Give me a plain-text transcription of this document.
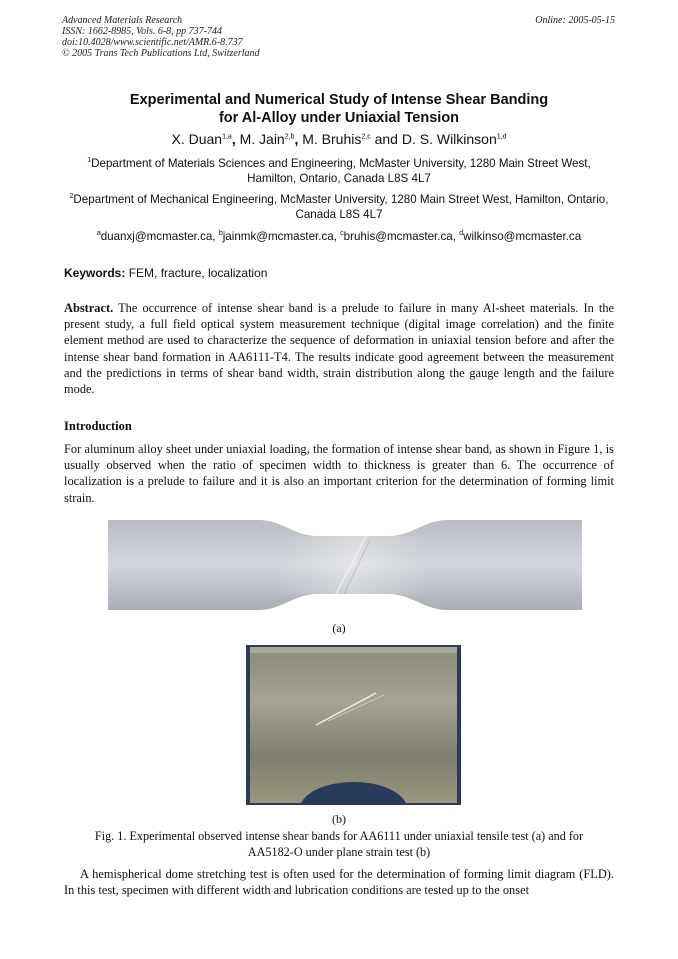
Advanced Materials Research
ISSN: 1662-8985, Vols. 6-8, pp 737-744
doi:10.4028/www.scientific.net/AMR.6-8.737
© 2005 Trans Tech Publications Ltd, Switzerland
Online: 2005-05-15
Experimental and Numerical Study of Intense Shear Banding
for Al-Alloy under Uniaxial Tension
X. Duan$^{1,a}$, M. Jain$^{2,b}$, M. Bruhis$^{2,c}$ and D. S. Wilkinson$^{1,d}$
$^1$Department of Materials Sciences and Engineering, McMaster University, 1280 Main Street West, Hamilton, Ontario, Canada L8S 4L7
$^2$Department of Mechanical Engineering, McMaster University, 1280 Main Street West, Hamilton, Ontario, Canada L8S 4L7
$^a$duanxj@mcmaster.ca, $^b$jainmk@mcmaster.ca, $^c$bruhis@mcmaster.ca, $^d$wilkinso@mcmaster.ca
Keywords: FEM, fracture, localization
Abstract. The occurrence of intense shear band is a prelude to failure in many Al-sheet materials. In the present study, a full field optical system measurement technique (digital image correlation) and the finite element method are used to characterize the sequence of deformation in uniaxial tension before and after the intense shear band formation in AA6111-T4. The results indicate good agreement between the measurement and the predictions in terms of shear band width, strain distribution along the gauge length and the failure mode.
Introduction
For aluminum alloy sheet under uniaxial loading, the formation of intense shear band, as shown in Figure 1, is usually observed when the ratio of specimen width to thickness is greater than 6. The occurrence of localization is a prelude to failure and it is also an important criterion for the determination of forming limit strain.
(a)
(b)
Fig. 1. Experimental observed intense shear bands for AA6111 under uniaxial tensile test (a) and for
AA5182-O under plane strain test (b)
A hemispherical dome stretching test is often used for the determination of forming limit diagram (FLD). In this test, specimen with different width and lubrication conditions are tested up to the onset
